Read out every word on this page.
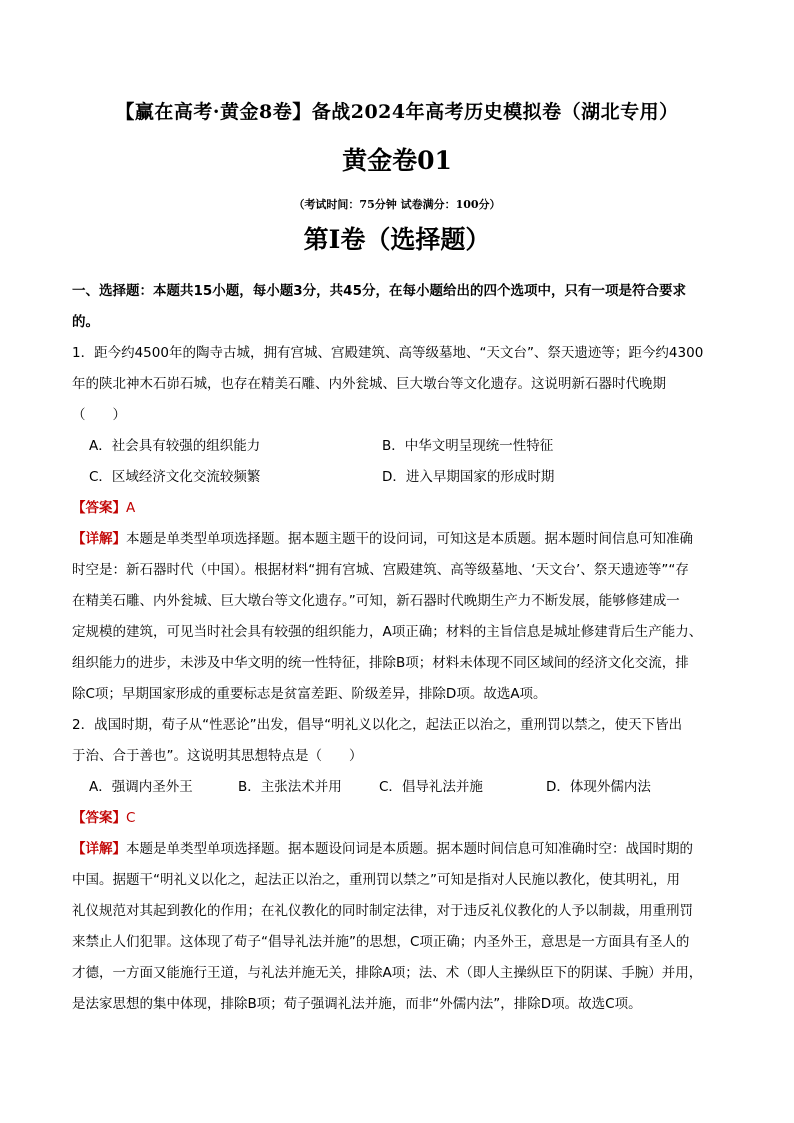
【赢在高考·黄金8卷】备战2024年高考历史模拟卷（湖北专用）
黄金卷01
（考试时间：75分钟 试卷满分：100分）
第I卷（选择题）
一、选择题：本题共15小题，每小题3分，共45分，在每小题给出的四个选项中，只有一项是符合要求
的。
1．距今约4500年的陶寺古城，拥有宫城、宫殿建筑、高等级墓地、“天文台”、祭天遗迹等；距今约4300
年的陕北神木石峁石城，也存在精美石雕、内外瓮城、巨大墩台等文化遗存。这说明新石器时代晚期
（　　）
A．社会具有较强的组织能力	B．中华文明呈现统一性特征
C．区域经济文化交流较频繁	D．进入早期国家的形成时期
【答案】A
【详解】本题是单类型单项选择题。据本题主题干的设问词，可知这是本质题。据本题时间信息可知准确
时空是：新石器时代（中国）。根据材料“拥有宫城、宫殿建筑、高等级墓地、‘天文台’、祭天遗迹等”“存
在精美石雕、内外瓮城、巨大墩台等文化遗存。”可知，新石器时代晚期生产力不断发展，能够修建成一
定规模的建筑，可见当时社会具有较强的组织能力，A项正确；材料的主旨信息是城址修建背后生产能力、
组织能力的进步，未涉及中华文明的统一性特征，排除B项；材料未体现不同区域间的经济文化交流，排
除C项；早期国家形成的重要标志是贫富差距、阶级差异，排除D项。故选A项。
2．战国时期，荀子从“性恶论”出发，倡导“明礼义以化之，起法正以治之，重刑罚以禁之，使天下皆出
于治、合于善也”。这说明其思想特点是（　　）
A．强调内圣外王	B．主张法术并用	C．倡导礼法并施	D．体现外儒内法
【答案】C
【详解】本题是单类型单项选择题。据本题设问词是本质题。据本题时间信息可知准确时空：战国时期的
中国。据题干“明礼义以化之，起法正以治之，重刑罚以禁之”可知是指对人民施以教化，使其明礼，用
礼仪规范对其起到教化的作用；在礼仪教化的同时制定法律，对于违反礼仪教化的人予以制裁，用重刑罚
来禁止人们犯罪。这体现了荀子“倡导礼法并施”的思想，C项正确；内圣外王，意思是一方面具有圣人的
才德，一方面又能施行王道，与礼法并施无关，排除A项；法、术（即人主操纵臣下的阴谋、手腕）并用，
是法家思想的集中体现，排除B项；荀子强调礼法并施，而非“外儒内法”，排除D项。故选C项。
